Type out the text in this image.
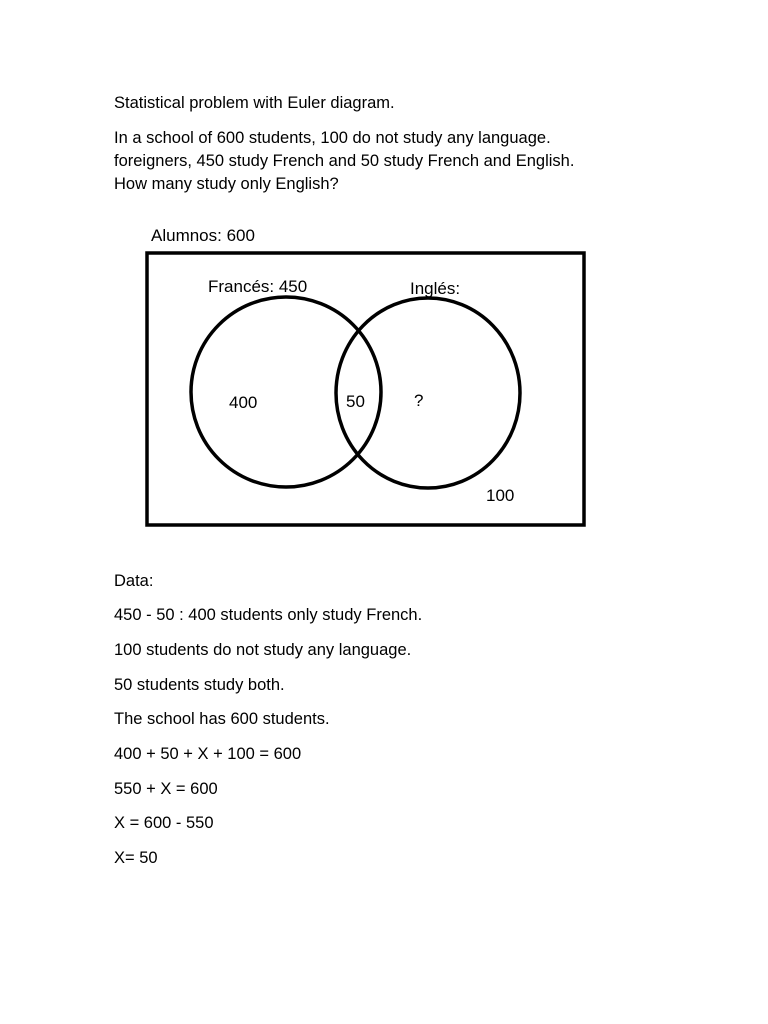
Statistical problem with Euler diagram.
In a school of 600 students, 100 do not study any language.
foreigners, 450 study French and 50 study French and English.
How many study only English?
Alumnos: 600
Francés: 450	Inglés:
400	50	?
100
Data:
450 - 50 : 400 students only study French.
100 students do not study any language.
50 students study both.
The school has 600 students.
400 + 50 + X + 100 = 600
550 + X = 600
X = 600 - 550
X= 50
